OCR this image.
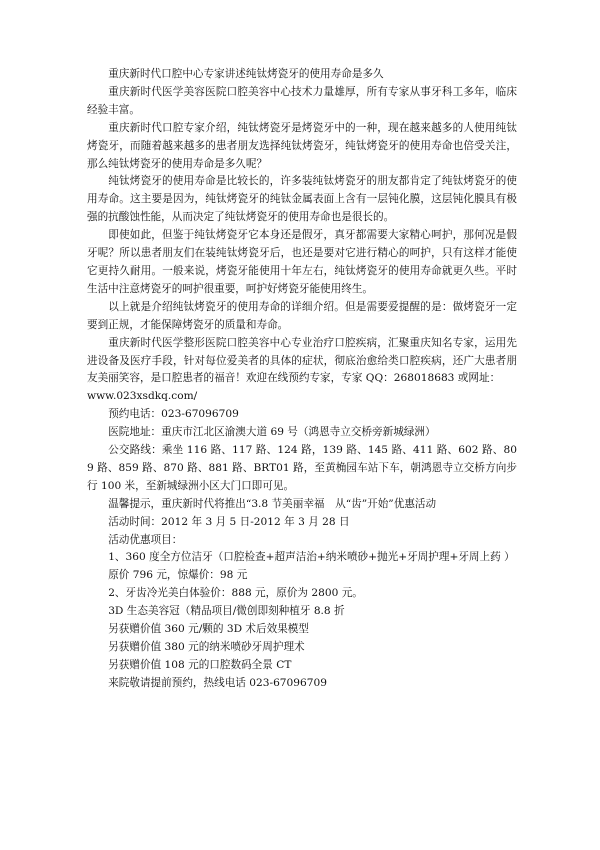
重庆新时代口腔中心专家讲述纯钛烤瓷牙的使用寿命是多久

重庆新时代医学美容医院口腔美容中心技术力量雄厚，所有专家从事牙科工多年，临床经验丰富。

重庆新时代口腔专家介绍，纯钛烤瓷牙是烤瓷牙中的一种，现在越来越多的人使用纯钛烤瓷牙，而随着越来越多的患者朋友选择纯钛烤瓷牙，纯钛烤瓷牙的使用寿命也倍受关注，那么纯钛烤瓷牙的使用寿命是多久呢？

纯钛烤瓷牙的使用寿命是比较长的，许多装纯钛烤瓷牙的朋友都肯定了纯钛烤瓷牙的使用寿命。这主要是因为，纯钛烤瓷牙的纯钛金属表面上含有一层钝化膜，这层钝化膜具有极强的抗酸蚀性能，从而决定了纯钛烤瓷牙的使用寿命也是很长的。

即使如此，但鉴于纯钛烤瓷牙它本身还是假牙，真牙都需要大家精心呵护，那何况是假牙呢？所以患者朋友们在装纯钛烤瓷牙后，也还是要对它进行精心的呵护，只有这样才能使它更持久耐用。一般来说，烤瓷牙能使用十年左右，纯钛烤瓷牙的使用寿命就更久些。平时生活中注意烤瓷牙的呵护很重要，呵护好烤瓷牙能使用终生。

以上就是介绍纯钛烤瓷牙的使用寿命的详细介绍。但是需要爱提醒的是：做烤瓷牙一定要到正规，才能保障烤瓷牙的质量和寿命。

重庆新时代医学整形医院口腔美容中心专业治疗口腔疾病，汇聚重庆知名专家，运用先进设备及医疗手段，针对每位爱美者的具体的症状，彻底治愈给类口腔疾病，还广大患者朋友美丽笑容，是口腔患者的福音！欢迎在线预约专家，专家 QQ：268018683 或网址：

www.023xsdkq.com/

预约电话：023-67096709

医院地址：重庆市江北区渝澳大道 69 号（鸿恩寺立交桥旁新城绿洲）

公交路线：乘坐 116 路、117 路、124 路，139 路、145 路、411 路、602 路、809 路、859 路、870 路、881 路、BRT01 路，至黄桷园车站下车，朝鸿恩寺立交桥方向步行 100 米，至新城绿洲小区大门口即可见。

温馨提示，重庆新时代将推出“3.8 节美丽幸福　从“齿”开始”优惠活动

活动时间：2012 年 3 月 5 日-2012 年 3 月 28 日

活动优惠项目：

1、360 度全方位洁牙（口腔检查+超声洁治+纳米喷砂+抛光+牙周护理+牙周上药 ）

原价 796 元，惊爆价：98 元

2、牙齿冷光美白体验价：888 元，原价为 2800 元。

3D 生态美容冠（精品项目/微创即刻种植牙 8.8 折

另获赠价值 360 元/颗的 3D 术后效果模型

另获赠价值 380 元的纳米喷砂牙周护理术

另获赠价值 108 元的口腔数码全景 CT

来院敬请提前预约，热线电话 023-67096709
